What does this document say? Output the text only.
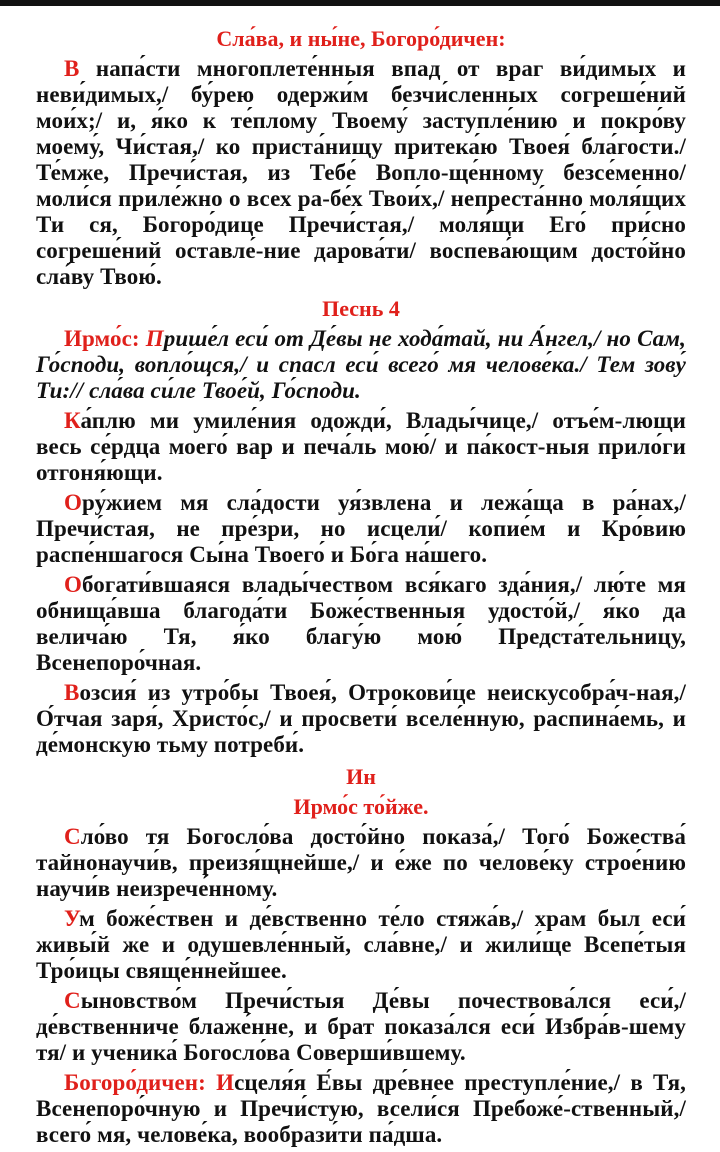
Сла́ва, и ны́не, Богоро́дичен:

В напа́сти многоплете́нныя впад от враг ви́димых и неви́димых,/ бу́рею одержи́м безчи́сленных согреше́ний мои́х;/ и, я́ко к те́плому Твоему́ заступле́нию и покро́ву моему́, Чи́стая,/ ко приста́нищу притека́ю Твоея́ бла́гости./ Те́мже, Пречи́стая, из Тебе́ Вопло-ще́нному безсе́менно/ моли́ся приле́жно о всех ра-бе́х Твои́х,/ непреста́нно моля́щих Ти ся, Богоро́дице Пречи́стая,/ моля́щи Его́ при́сно согреше́ний оставле́-ние дарова́ти/ воспева́ющим досто́йно сла́ву Твою́.

Песнь 4

Ирмо́с: Прише́л еси́ от Де́вы не хода́тай, ни А́нгел,/ но Сам, Го́споди, вопло́щся,/ и спасл еси́ всего́ мя челове́ка./ Тем зову́ Ти:// сла́ва си́ле Твое́й, Го́споди.

Ка́плю ми умиле́ния одожди́, Влады́чице,/ отъе́м-лющи весь се́рдца моего́ вар и печа́ль мою́/ и па́кост-ныя прило́ги отгоня́ющи.

Ору́жием мя сла́дости уя́звлена и лежа́ща в ра́нах,/ Пречи́стая, не пре́зри, но исцели́/ копие́м и Кро́вию распе́ншагося Сы́на Твоего́ и Бо́га на́шего.

Обогати́вшаяся влады́чеством вся́каго зда́ния,/ лю́те мя обнища́вша благода́ти Боже́ственныя удосто́й,/ я́ко да велича́ю Тя, я́ко благу́ю мою́ Предста́тельницу, Всенепоро́чная.

Возсия́ из утро́бы Твоея́, Отрокови́це неискусобра́ч-ная,/ О́тчая заря́, Христо́с,/ и просвети́ вселе́нную, распина́емь, и де́монскую тьму потреби́.

Ин
Ирмо́с то́йже.

Сло́во тя Богосло́ва досто́йно показа́,/ Того́ Божества́ тайнонаучи́в, преизя́щнейше,/ и е́же по челове́ку строе́нию научи́в неизрече́нному.

Ум боже́ствен и де́вственно те́ло стяжа́в,/ храм был еси́ живы́й же и одушевле́нный, сла́вне,/ и жили́ще Всепе́тыя Тро́ицы свяще́ннейшее.

Сыновство́м Пречи́стыя Де́вы почествова́лся еси́,/ де́вственниче блаже́нне, и брат показа́лся еси́ Избра́в-шему тя/ и ученика́ Богосло́ва Соверши́вшему.

Богоро́дичен: Исцеля́я Е́вы дре́внее преступле́ние,/ в Тя, Всенепоро́чную и Пречи́стую, всели́ся Пребоже́-ственный,/ всего́ мя, челове́ка, вообрази́ти па́дша.
